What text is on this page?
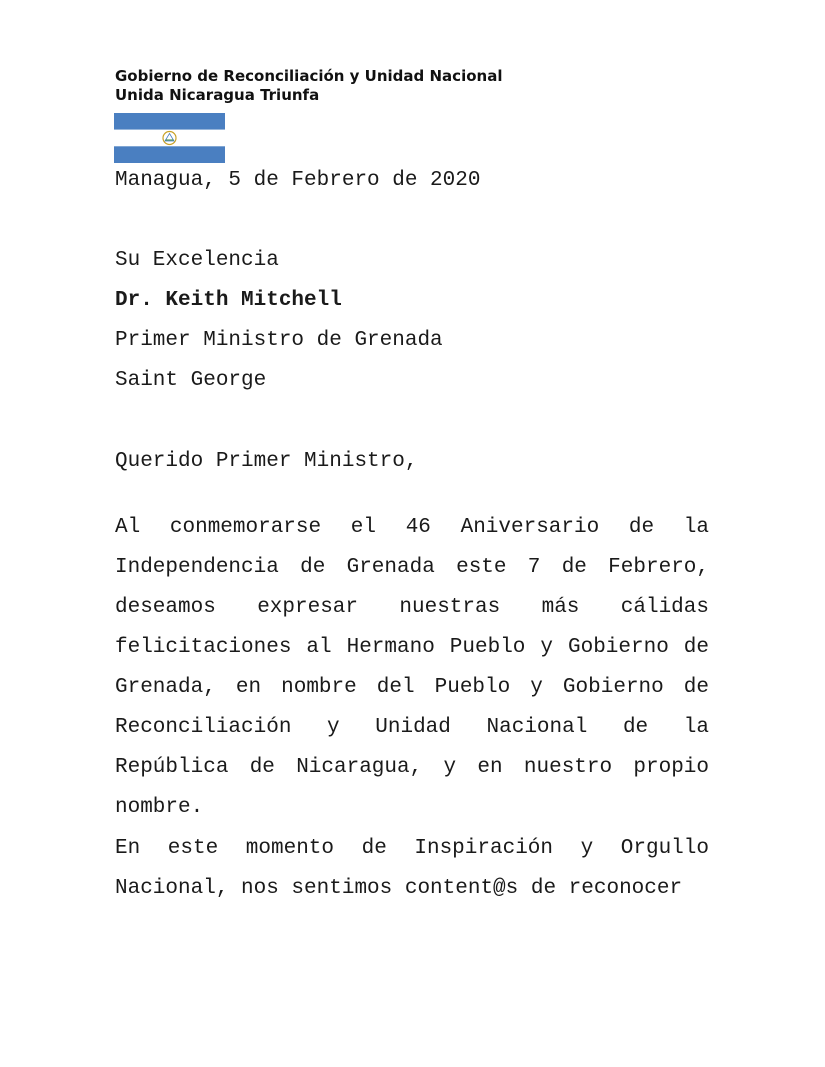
Gobierno de Reconciliación y Unidad Nacional
Unida Nicaragua Triunfa
Managua, 5 de Febrero de 2020
Su Excelencia
Dr. Keith Mitchell
Primer Ministro de Grenada
Saint George
Querido Primer Ministro,
Al conmemorarse el 46 Aniversario de la Independencia de Grenada este 7 de Febrero, deseamos expresar nuestras más cálidas felicitaciones al Hermano Pueblo y Gobierno de Grenada, en nombre del Pueblo y Gobierno de Reconciliación y Unidad Nacional de la República de Nicaragua, y en nuestro propio nombre.
En este momento de Inspiración y Orgullo Nacional, nos sentimos content@s de reconocer
